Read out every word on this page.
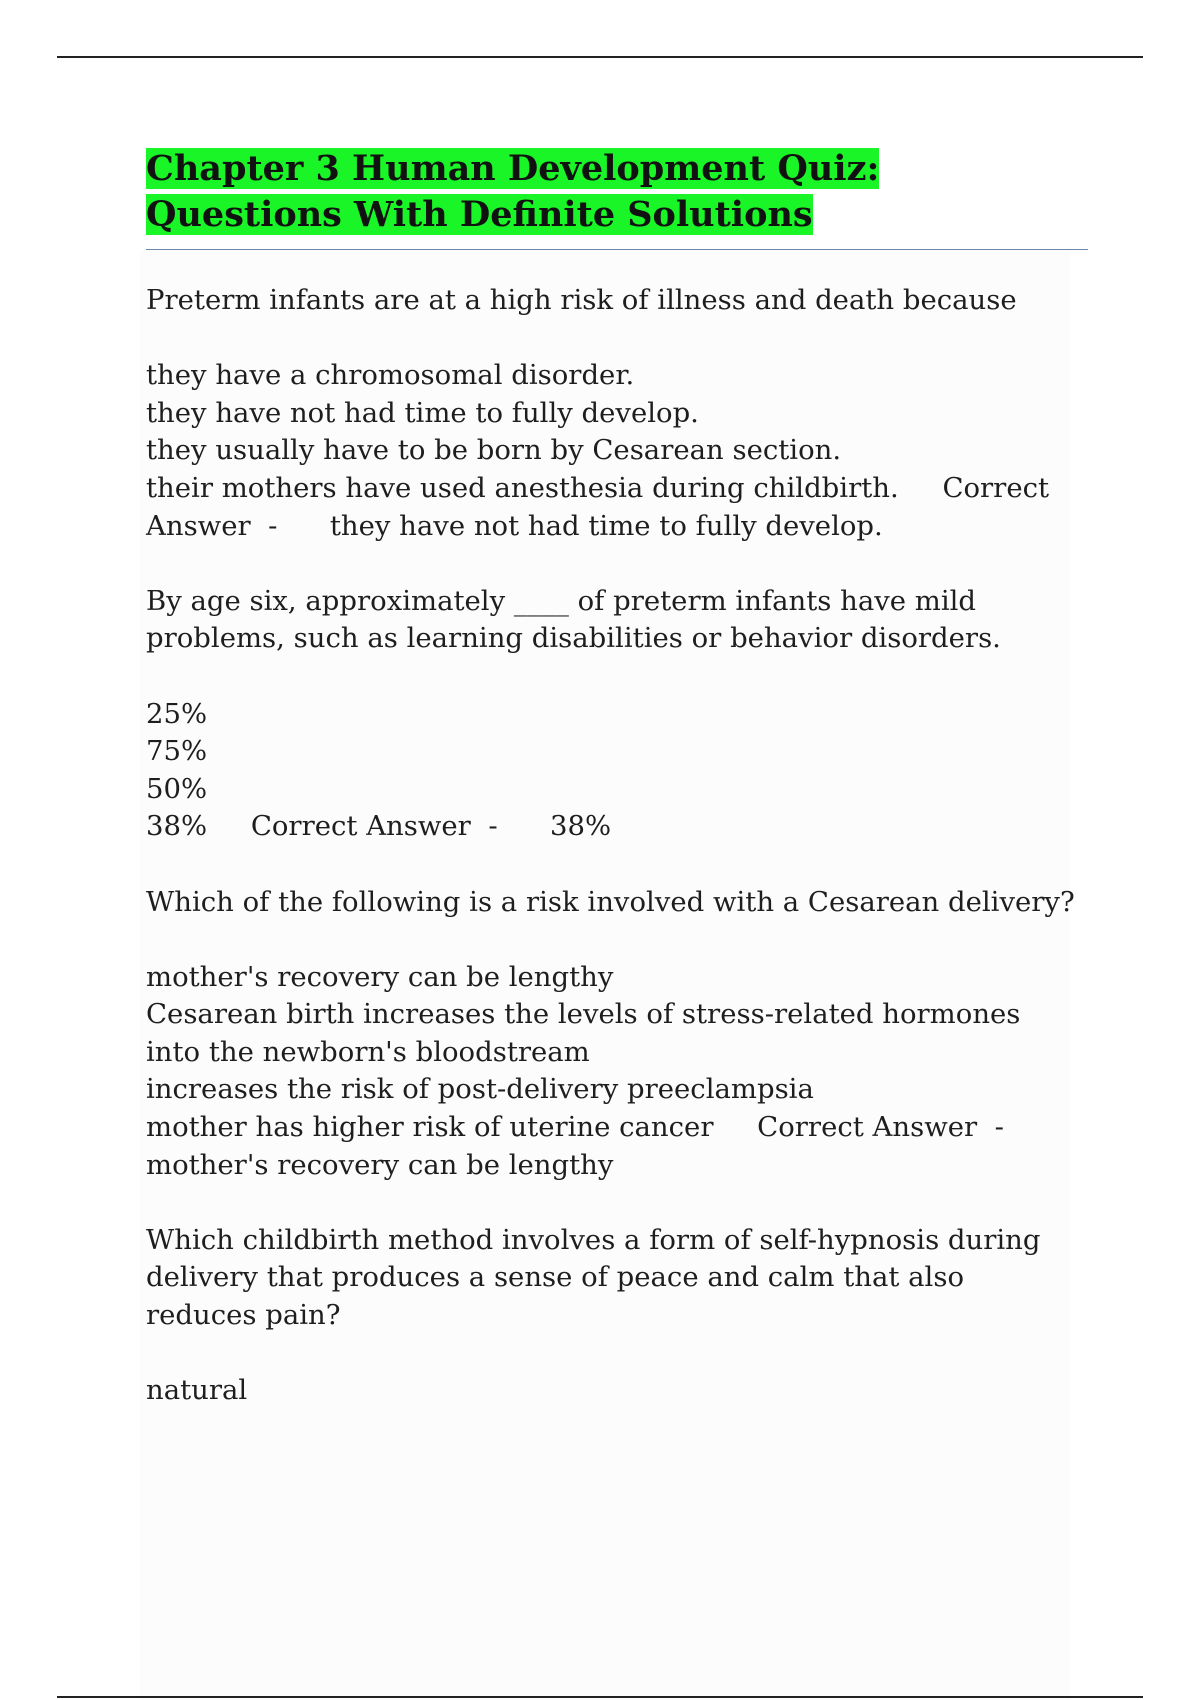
Chapter 3 Human Development Quiz: Questions With Definite Solutions

Preterm infants are at a high risk of illness and death because

they have a chromosomal disorder.

they have not had time to fully develop.

they usually have to be born by Cesarean section.

their mothers have used anesthesia during childbirth.     Correct Answer  -      they have not had time to fully develop.

By age six, approximately ____ of preterm infants have mild problems, such as learning disabilities or behavior disorders.

25%

75%

50%

38%     Correct Answer  -      38%

Which of the following is a risk involved with a Cesarean delivery?

mother's recovery can be lengthy

Cesarean birth increases the levels of stress-related hormones into the newborn's bloodstream

increases the risk of post-delivery preeclampsia

mother has higher risk of uterine cancer     Correct Answer  -      mother's recovery can be lengthy

Which childbirth method involves a form of self-hypnosis during delivery that produces a sense of peace and calm that also reduces pain?

natural
